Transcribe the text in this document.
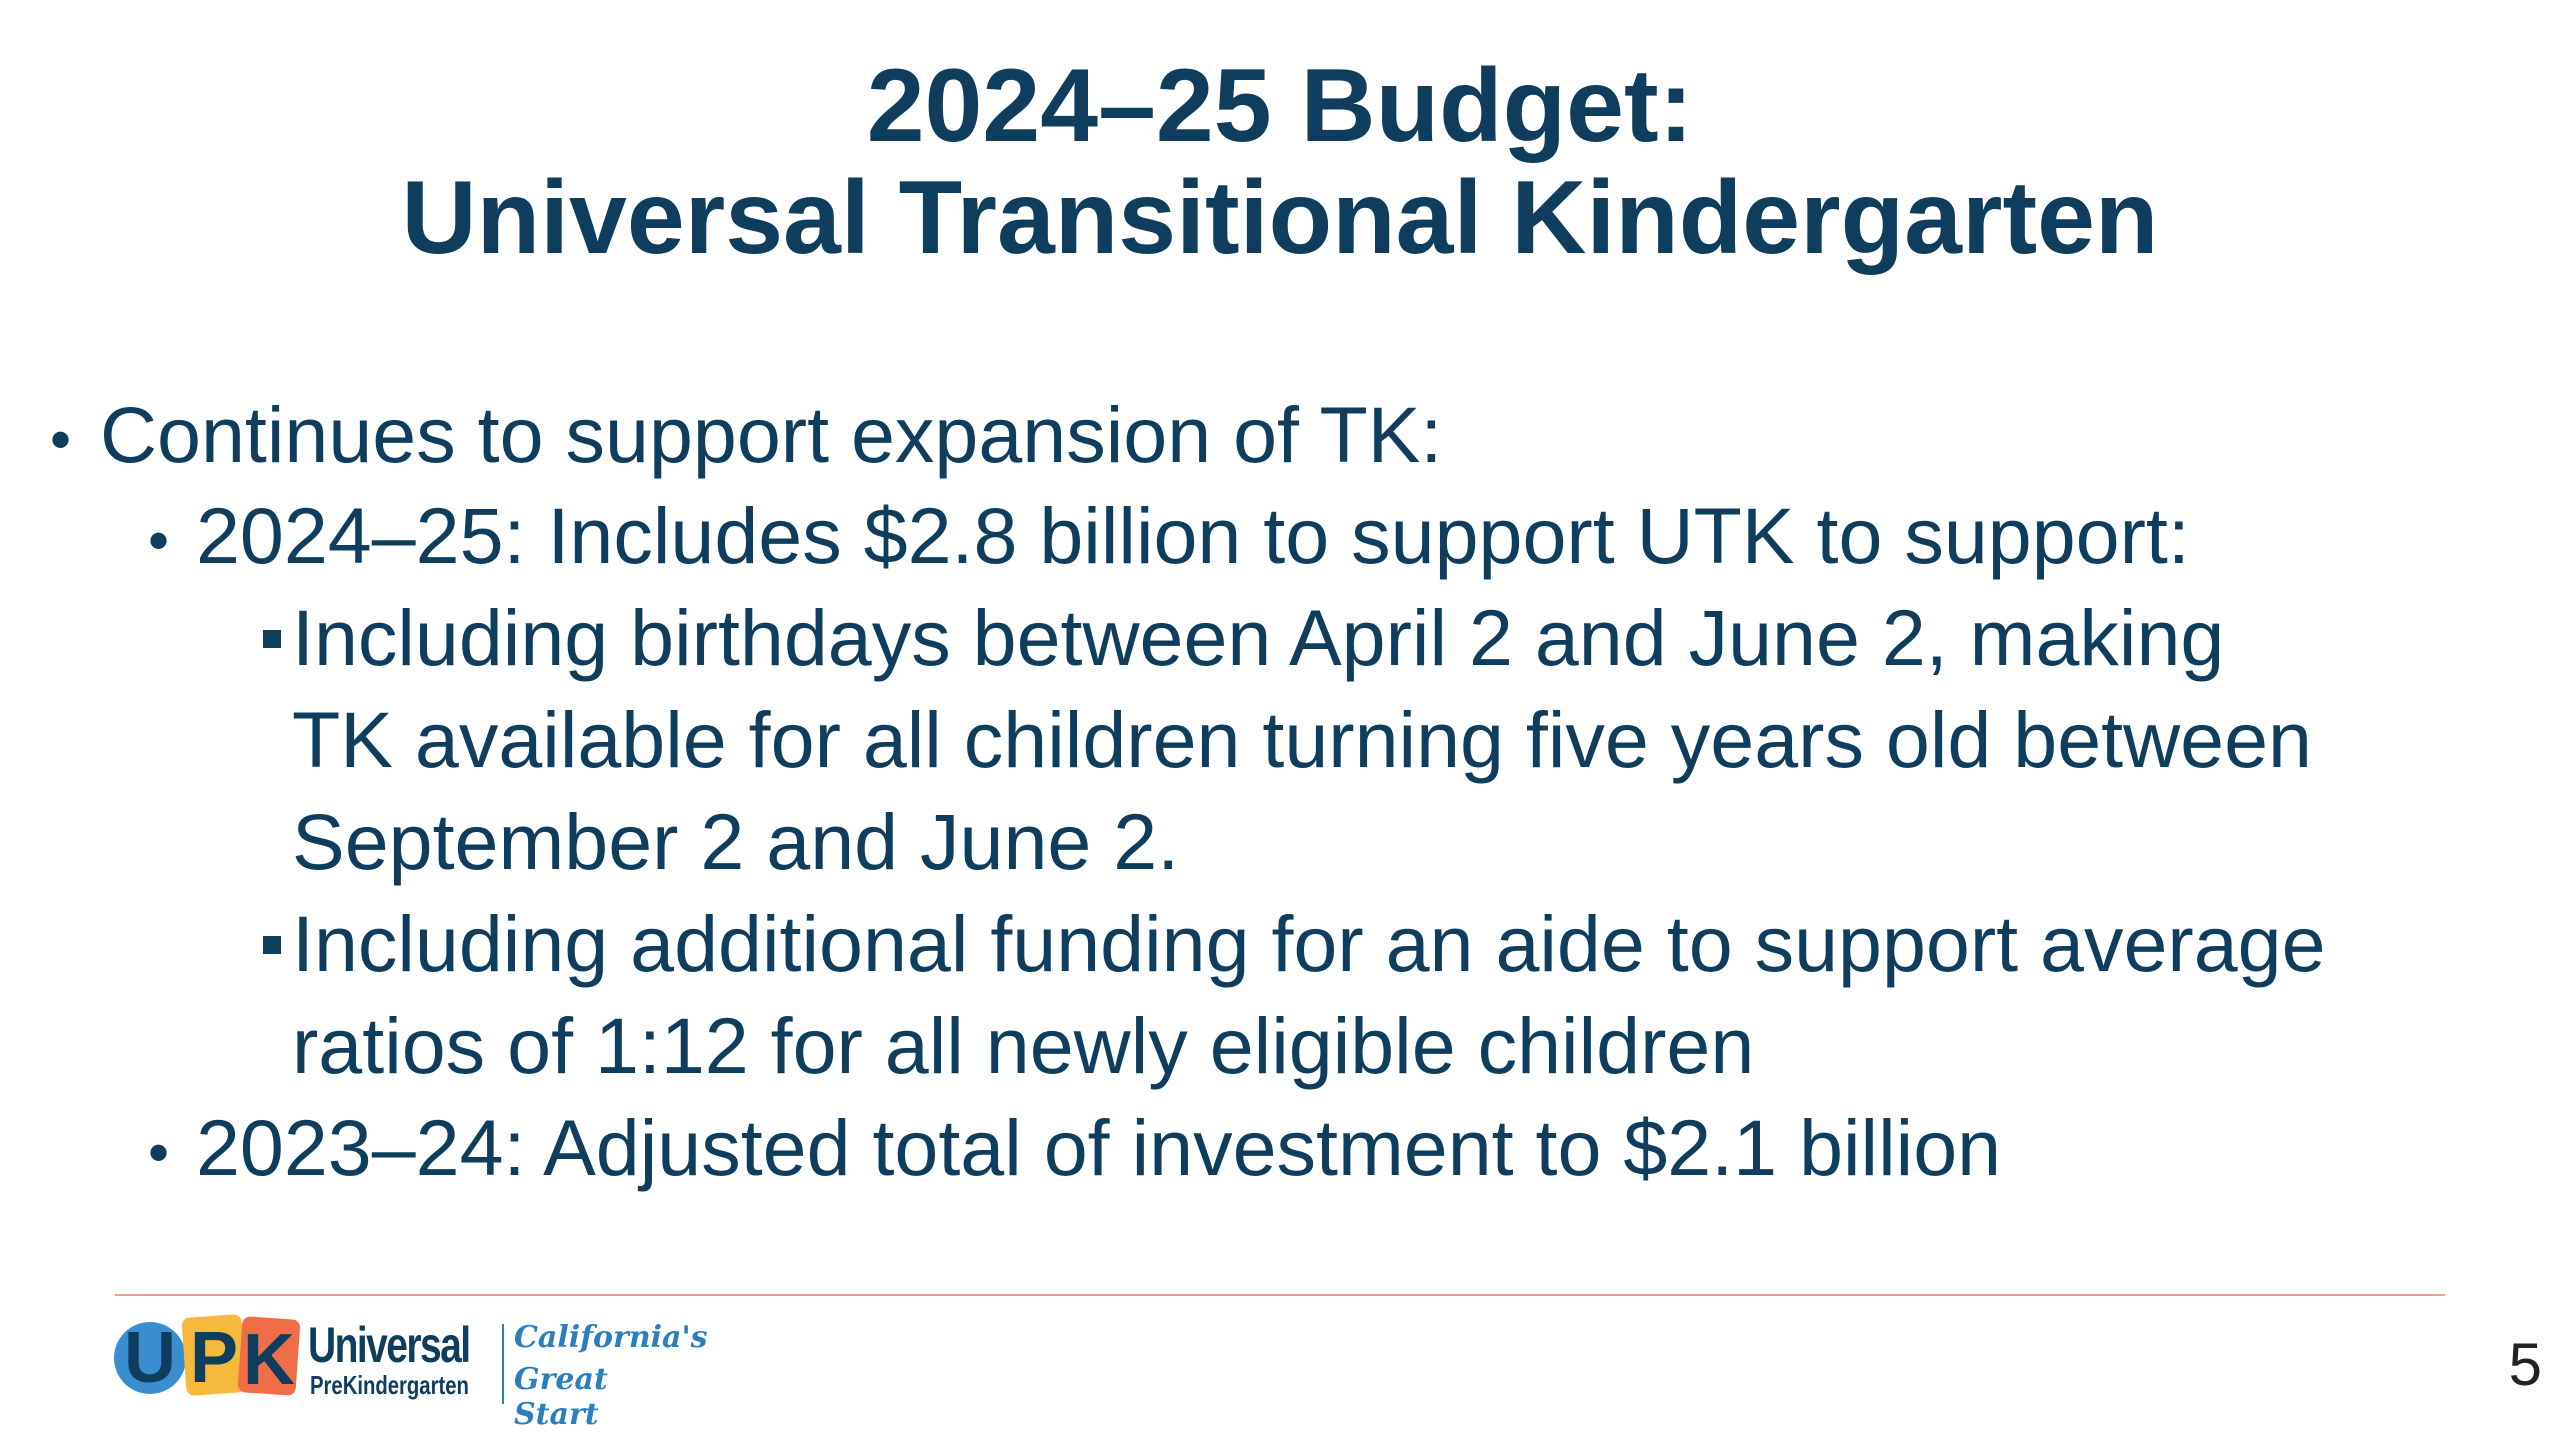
2024–25 Budget:
Universal Transitional Kindergarten
• Continues to support expansion of TK:
• 2024–25: Includes $2.8 billion to support UTK to support:
Including birthdays between April 2 and June 2, making
TK available for all children turning five years old between
September 2 and June 2.
Including additional funding for an aide to support average
ratios of 1:12 for all newly eligible children
• 2023–24: Adjusted total of investment to $2.1 billion
U P K Universal
PreKindergarten
California's
Great Start
5
